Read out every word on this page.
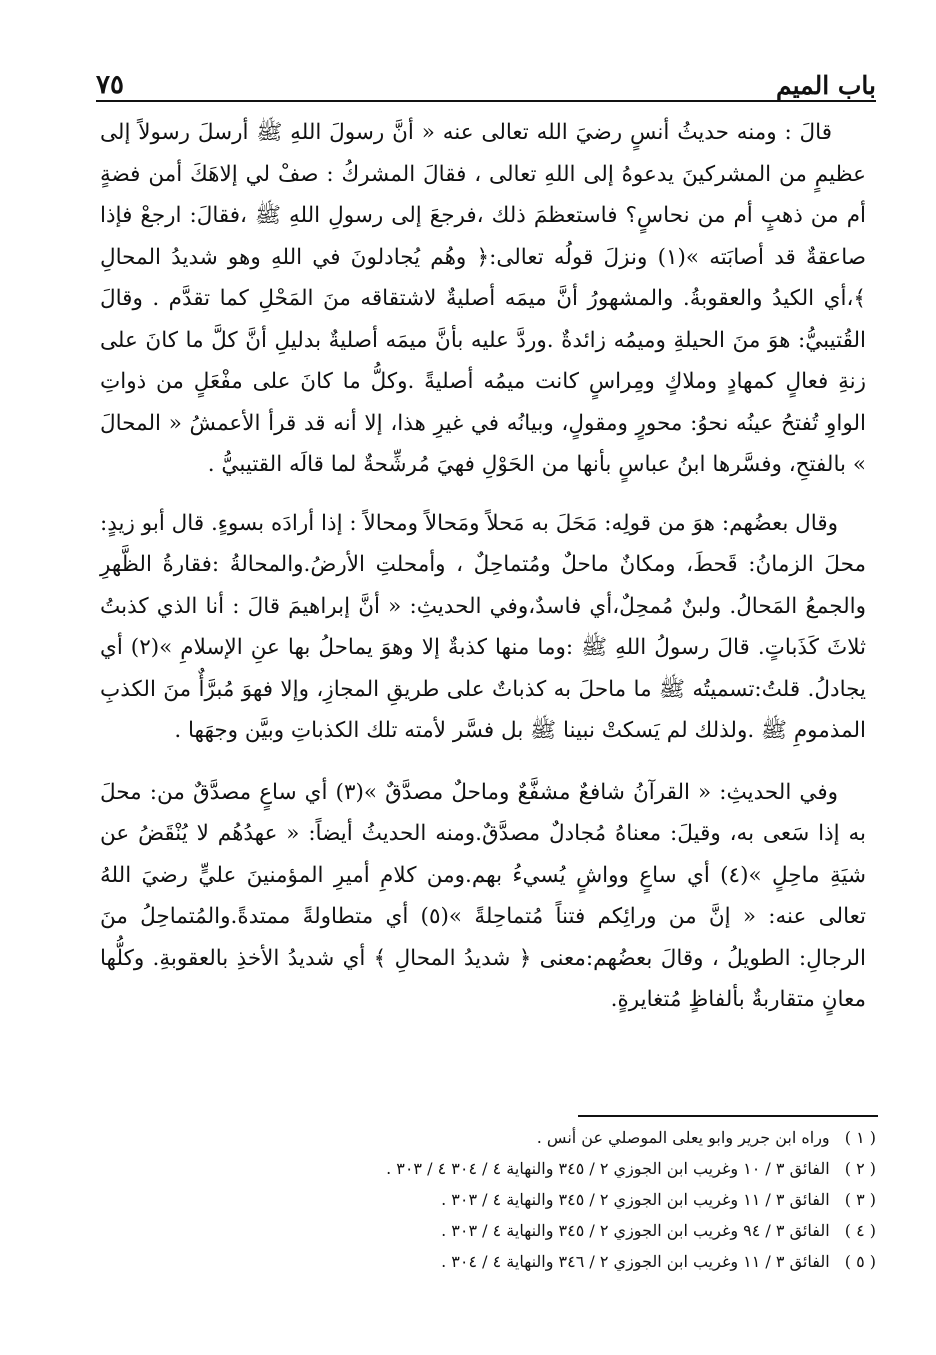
باب الميم
٧٥

قالَ : ومنه حديثُ أنسٍ رضيَ الله تعالى عنه « أنَّ رسولَ اللهِ ﷺ أرسلَ رسولاً إلى عظيمٍ من المشركينَ يدعوهُ إلى اللهِ تعالى ، فقالَ المشركُ : صفْ لي إلاهَكَ أمن فضةٍ أم من ذهبٍ أم من نحاسٍ؟ فاستعظمَ ذلك ،فرجعَ إلى رسولِ اللهِ ﷺ ،فقالَ: ارجعْ فإذا صاعقةٌ قد أصابَته »(١) ونزلَ قولُه تعالى:﴿ وهُم يُجادلونَ في اللهِ وهو شديدُ المحالِ ﴾،أي الكيدُ والعقوبةُ. والمشهورُ أنَّ ميمَه أصليةٌ لاشتقاقه منَ المَحْلِ كما تقدَّم . وقالَ القُتيبيُّ: هوَ منَ الحيلةِ وميمُه زائدةٌ .وردَّ عليه بأنَّ ميمَه أصليةٌ بدليلِ أنَّ كلَّ ما كانَ على زنةِ فعالٍ كمهادٍ وملاكٍ ومِراسٍ كانت ميمُه أصليةً .وكلُّ ما كانَ على مفْعَلٍ من ذواتِ الواوِ تُفتحُ عينُه نحوُ: محورٍ ومقولٍ، وبيانُه في غيرِ هذا، إلا أنه قد قرأ الأعمشُ « المحالَ » بالفتحِ، وفسَّرها ابنُ عباسٍ بأنها من الحَوْلِ فهيَ مُرشِّحةٌ لما قالَه القتيبيُّ .

وقال بعضُهم: هوَ من قولِه: مَحَلَ به مَحلاً ومَحالاً ومحالاً : إذا أرادَه بسوءٍ. قال أبو زيدٍ: محلَ الزمانُ: قَحطَ، ومكانٌ ماحلٌ ومُتماحِلٌ ، وأمحلتِ الأرضُ.والمحالةُ :فقارةُ الظَّهرِ والجمعُ المَحالُ. ولبنٌ مُمحِلٌ،أي فاسدٌ،وفي الحديثِ: « أنَّ إبراهيمَ قالَ : أنا الذي كذبتُ ثلاثَ كَذَباتٍ. قالَ رسولُ اللهِ ﷺ :وما منها كذبةٌ إلا وهوَ يماحلُ بها عنِ الإسلامِ »(٢) أي يجادلُ. قلتُ:تسميتُه ﷺ ما ماحلَ به كذباتٌ على طريقِ المجازِ، وإلا فهوَ مُبرَّأٌ منَ الكذبِ المذمومِ ﷺ .ولذلك لم يَسكتْ نبينا ﷺ بل فسَّر لأمته تلك الكذباتِ وبيَّن وجهَها .

وفي الحديثِ: « القرآنُ شافعٌ مشفَّعٌ وماحلٌ مصدَّقٌ »(٣) أي ساعٍ مصدَّقٌ من: محلَ به إذا سَعى به، وقيلَ: معناهُ مُجادلٌ مصدَّقٌ.ومنه الحديثُ أيضاً: « عهدُهُم لا يُنْقَضُ عن شيَةِ ماحِلٍ »(٤) أي ساعٍ وواشٍ يُسيءُ بهم.ومن كلامِ أميرِ المؤمنينَ عليٍّ رضيَ اللهُ تعالى عنه: « إنَّ من ورائِكم فتناً مُتماحِلةً »(٥) أي متطاولةً ممتدةً.والمُتماحِلُ منَ الرجالِ: الطويلُ ، وقالَ بعضُهم:معنى ﴿ شديدُ المحالِ ﴾ أي شديدُ الأخذِ بالعقوبةِ. وكلُّها معانٍ متقاربةٌ بألفاظٍ مُتغايرةٍ.

( ١ ) وراه ابن جرير وابو يعلى الموصلي عن أنس .
( ٢ ) الفائق ٣ / ١٠ وغريب ابن الجوزي ٢ / ٣٤٥ والنهاية ٤ / ٣٠٤ ٤ / ٣٠٣ .
( ٣ ) الفائق ٣ / ١١ وغريب ابن الجوزي ٢ / ٣٤٥ والنهاية ٤ / ٣٠٣ .
( ٤ ) الفائق ٣ / ٩٤ وغريب ابن الجوزي ٢ / ٣٤٥ والنهاية ٤ / ٣٠٣ .
( ٥ ) الفائق ٣ / ١١ وغريب ابن الجوزي ٢ / ٣٤٦ والنهاية ٤ / ٣٠٤ .
